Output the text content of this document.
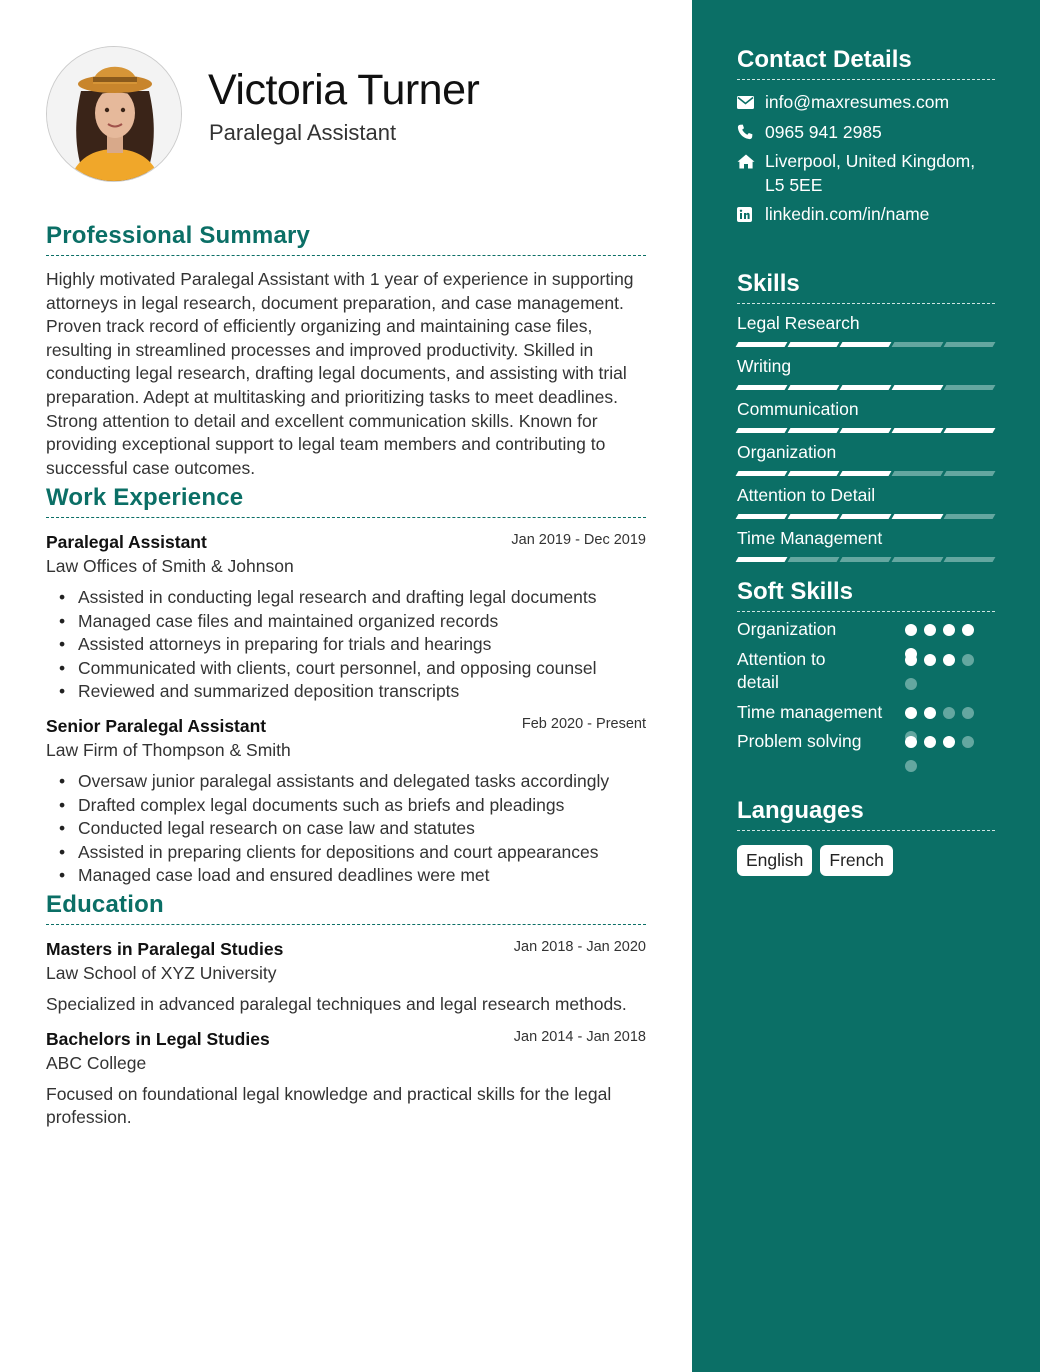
Victoria Turner
Paralegal Assistant
Professional Summary
Highly motivated Paralegal Assistant with 1 year of experience in supporting attorneys in legal research, document preparation, and case management. Proven track record of efficiently organizing and maintaining case files, resulting in streamlined processes and improved productivity. Skilled in conducting legal research, drafting legal documents, and assisting with trial preparation. Adept at multitasking and prioritizing tasks to meet deadlines. Strong attention to detail and excellent communication skills. Known for providing exceptional support to legal team members and contributing to successful case outcomes.
Work Experience
Paralegal Assistant	Jan 2019 - Dec 2019
Law Offices of Smith & Johnson
• Assisted in conducting legal research and drafting legal documents
• Managed case files and maintained organized records
• Assisted attorneys in preparing for trials and hearings
• Communicated with clients, court personnel, and opposing counsel
• Reviewed and summarized deposition transcripts
Senior Paralegal Assistant	Feb 2020 - Present
Law Firm of Thompson & Smith
• Oversaw junior paralegal assistants and delegated tasks accordingly
• Drafted complex legal documents such as briefs and pleadings
• Conducted legal research on case law and statutes
• Assisted in preparing clients for depositions and court appearances
• Managed case load and ensured deadlines were met
Education
Masters in Paralegal Studies	Jan 2018 - Jan 2020
Law School of XYZ University
Specialized in advanced paralegal techniques and legal research methods.
Bachelors in Legal Studies	Jan 2014 - Jan 2018
ABC College
Focused on foundational legal knowledge and practical skills for the legal profession.
Contact Details
info@maxresumes.com
0965 941 2985
Liverpool, United Kingdom, L5 5EE
linkedin.com/in/name
Skills
Legal Research
Writing
Communication
Organization
Attention to Detail
Time Management
Soft Skills
Organization
Attention to detail
Time management
Problem solving
Languages
English	French
